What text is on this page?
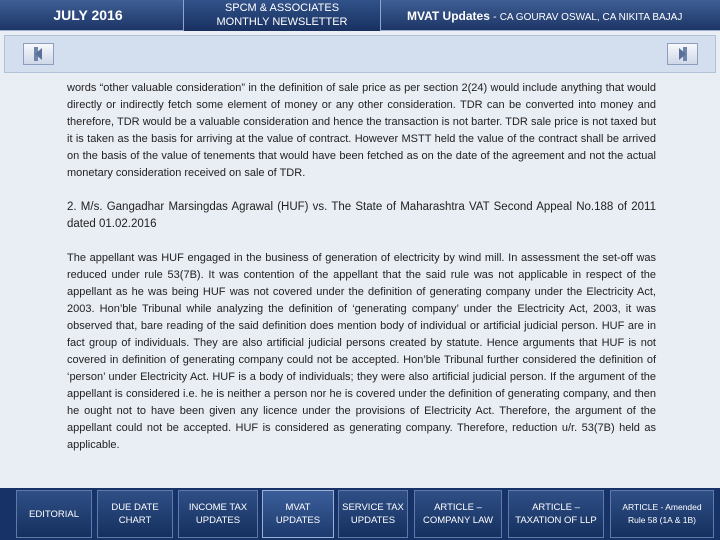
JULY 2016	SPCM & ASSOCIATES
MONTHLY NEWSLETTER	MVAT Updates - CA GOURAV OSWAL, CA NIKITA BAJAJ

words “other valuable consideration” in the definition of sale price as per section 2(24) would include anything that would directly or indirectly fetch some element of money or any other consideration. TDR can be converted into money and therefore, TDR would be a valuable consideration and hence the transaction is not barter. TDR sale price is not taxed but it is taken as the basis for arriving at the value of contract. However MSTT held the value of the contract shall be arrived on the basis of the value of tenements that would have been fetched as on the date of the agreement and not the actual monetary consideration received on sale of TDR.

2. M/s. Gangadhar Marsingdas Agrawal (HUF) vs. The State of Maharashtra VAT Second Appeal No.188 of 2011 dated 01.02.2016

The appellant was HUF engaged in the business of generation of electricity by wind mill. In assessment the set-off was reduced under rule 53(7B). It was contention of the appellant that the said rule was not applicable in respect of the appellant as he was being HUF was not covered under the definition of generating company under the Electricity Act, 2003. Hon’ble Tribunal while analyzing the definition of ‘generating company’ under the Electricity Act, 2003, it was observed that, bare reading of the said definition does mention body of individual or artificial judicial person. HUF are in fact group of individuals. They are also artificial judicial persons created by statute. Hence arguments that HUF is not covered in definition of generating company could not be accepted. Hon’ble Tribunal further considered the definition of ‘person’ under Electricity Act. HUF is a body of individuals; they were also artificial judicial person. If the argument of the appellant is considered i.e. he is neither a person nor he is covered under the definition of generating company, and then he ought not to have been given any licence under the provisions of Electricity Act. Therefore, the argument of the appellant could not be accepted. HUF is considered as generating company. Therefore, reduction u/r. 53(7B) held as applicable.

EDITORIAL
DUE DATE
CHART
INCOME TAX
UPDATES
MVAT
UPDATES
SERVICE TAX
UPDATES
ARTICLE –
COMPANY LAW
ARTICLE –
TAXATION OF LLP
ARTICLE - Amended
Rule 58 (1A & 1B)
